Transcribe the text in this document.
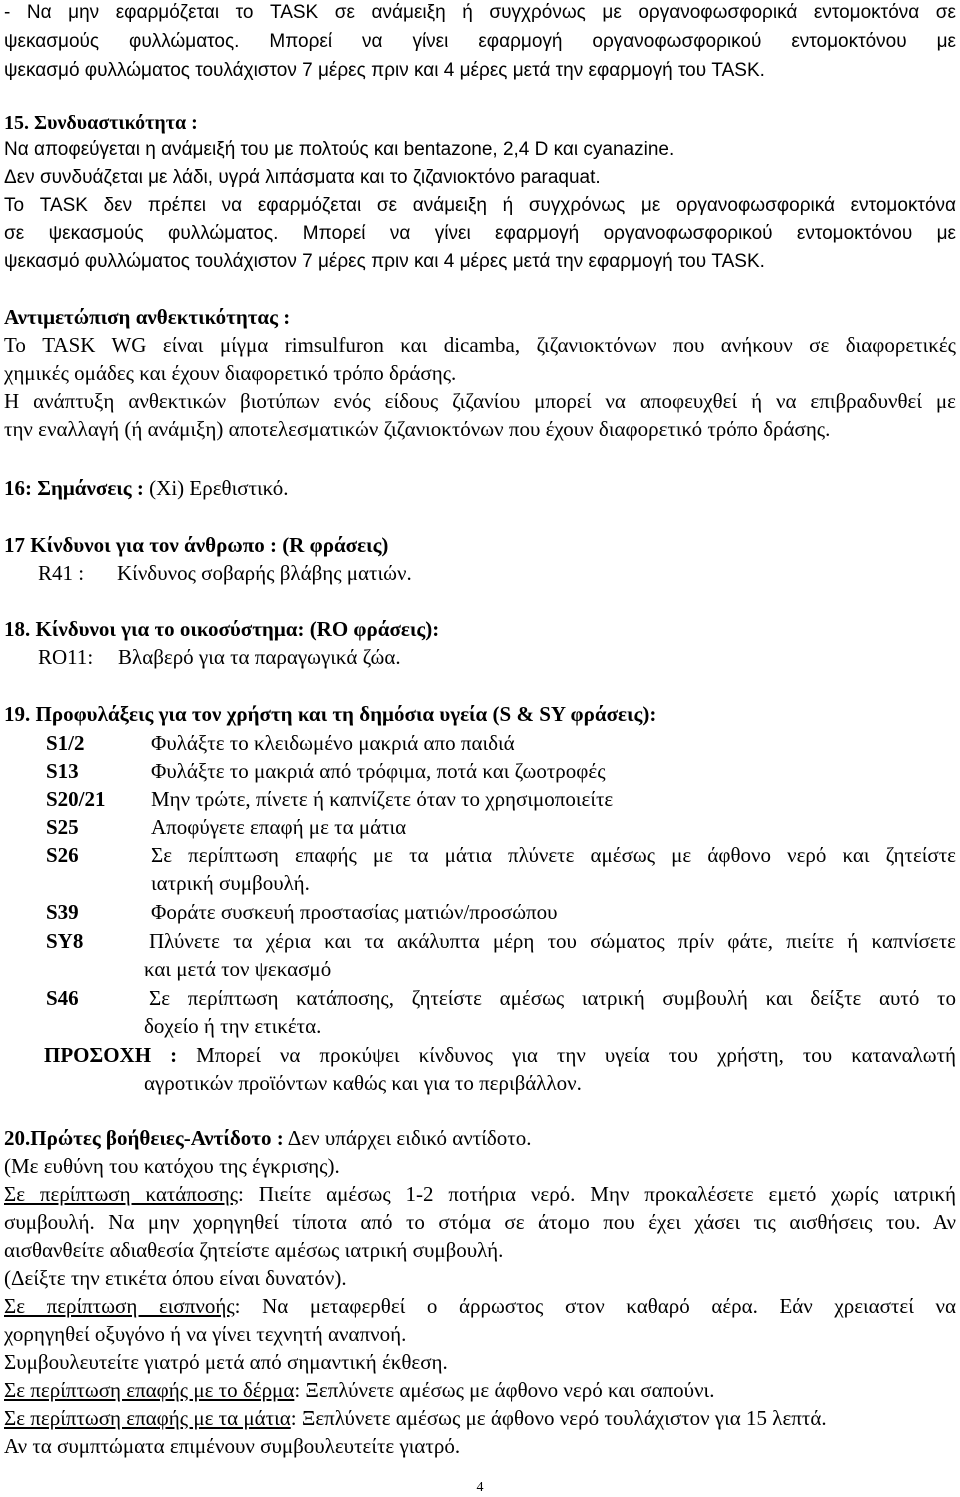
- Να μην εφαρμόζεται το TASK σε ανάμειξη ή συγχρόνως με οργανοφωσφορικά εντομοκτόνα σε
ψεκασμούς φυλλώματος. Μπορεί να γίνει εφαρμογή οργανοφωσφορικού εντομοκτόνου με
ψεκασμό φυλλώματος τουλάχιστον 7 μέρες πριν και 4 μέρες μετά την εφαρμογή του TASK.
15. Συνδυαστικότητα :
Να αποφεύγεται η ανάμειξή του με πολτούς και bentazone, 2,4 D και cyanazine.
Δεν συνδυάζεται με λάδι, υγρά λιπάσματα και το ζιζανιοκτόνο paraquat.
Το TASK δεν πρέπει να εφαρμόζεται σε ανάμειξη ή συγχρόνως με οργανοφωσφορικά εντομοκτόνα
σε ψεκασμούς φυλλώματος. Μπορεί να γίνει εφαρμογή οργανοφωσφορικού εντομοκτόνου με
ψεκασμό φυλλώματος τουλάχιστον 7 μέρες πριν και 4 μέρες μετά την εφαρμογή του TASK.
Αντιμετώπιση ανθεκτικότητας :
Το TASK WG είναι μίγμα rimsulfuron και dicamba, ζιζανιοκτόνων που ανήκουν σε διαφορετικές
χημικές ομάδες και έχουν διαφορετικό τρόπο δράσης.
Η ανάπτυξη ανθεκτικών βιοτύπων ενός είδους ζιζανίου μπορεί να αποφευχθεί ή να επιβραδυνθεί με
την εναλλαγή (ή ανάμιξη) αποτελεσματικών ζιζανιοκτόνων που έχουν διαφορετικό τρόπο δράσης.
16: Σημάνσεις : (Xi) Ερεθιστικό.
17 Κίνδυνοι για τον άνθρωπο : (R φράσεις)
R41 : Κίνδυνος σοβαρής βλάβης ματιών.
18. Κίνδυνοι για το οικοσύστημα: (RO φράσεις):
RO11: Βλαβερό για τα παραγωγικά ζώα.
19. Προφυλάξεις για τον χρήστη και τη δημόσια υγεία (S & SY φράσεις):
S1/2	Φυλάξτε το κλειδωμένο μακριά απο παιδιά
S13	Φυλάξτε το μακριά από τρόφιμα, ποτά και ζωοτροφές
S20/21 Μην τρώτε, πίνετε ή καπνίζετε όταν το χρησιμοποιείτε
S25	Αποφύγετε επαφή με τα μάτια
S26	Σε περίπτωση επαφής με τα μάτια πλύνετε αμέσως με άφθονο νερό και ζητείστε
ιατρική συμβουλή.
S39	Φοράτε συσκευή προστασίας ματιών/προσώπου
SY8	Πλύνετε τα χέρια και τα ακάλυπτα μέρη του σώματος πρίν φάτε, πιείτε ή καπνίσετε
και μετά τον ψεκασμό
S46	Σε περίπτωση κατάποσης, ζητείστε αμέσως ιατρική συμβουλή και δείξτε αυτό το
δοχείο ή την ετικέτα.
ΠΡΟΣΟΧΗ : Μπορεί να προκύψει κίνδυνος για την υγεία του χρήστη, του καταναλωτή
αγροτικών προϊόντων καθώς και για το περιβάλλον.
20.Πρώτες βοήθειες-Αντίδοτο : Δεν υπάρχει ειδικό αντίδοτο.
(Με ευθύνη του κατόχου της έγκρισης).
Σε περίπτωση κατάποσης: Πιείτε αμέσως 1-2 ποτήρια νερό. Μην προκαλέσετε εμετό χωρίς ιατρική
συμβουλή. Να μην χορηγηθεί τίποτα από το στόμα σε άτομο που έχει χάσει τις αισθήσεις του. Αν
αισθανθείτε αδιαθεσία ζητείστε αμέσως ιατρική συμβουλή.
(Δείξτε την ετικέτα όπου είναι δυνατόν).
Σε περίπτωση εισπνοής: Να μεταφερθεί ο άρρωστος στον καθαρό αέρα. Εάν χρειαστεί να
χορηγηθεί οξυγόνο ή να γίνει τεχνητή αναπνοή.
Συμβουλευτείτε γιατρό μετά από σημαντική έκθεση.
Σε περίπτωση επαφής με το δέρμα: Ξεπλύνετε αμέσως με άφθονο νερό και σαπούνι.
Σε περίπτωση επαφής με τα μάτια: Ξεπλύνετε αμέσως με άφθονο νερό τουλάχιστον για 15 λεπτά.
Αν τα συμπτώματα επιμένουν συμβουλευτείτε γιατρό.
4
